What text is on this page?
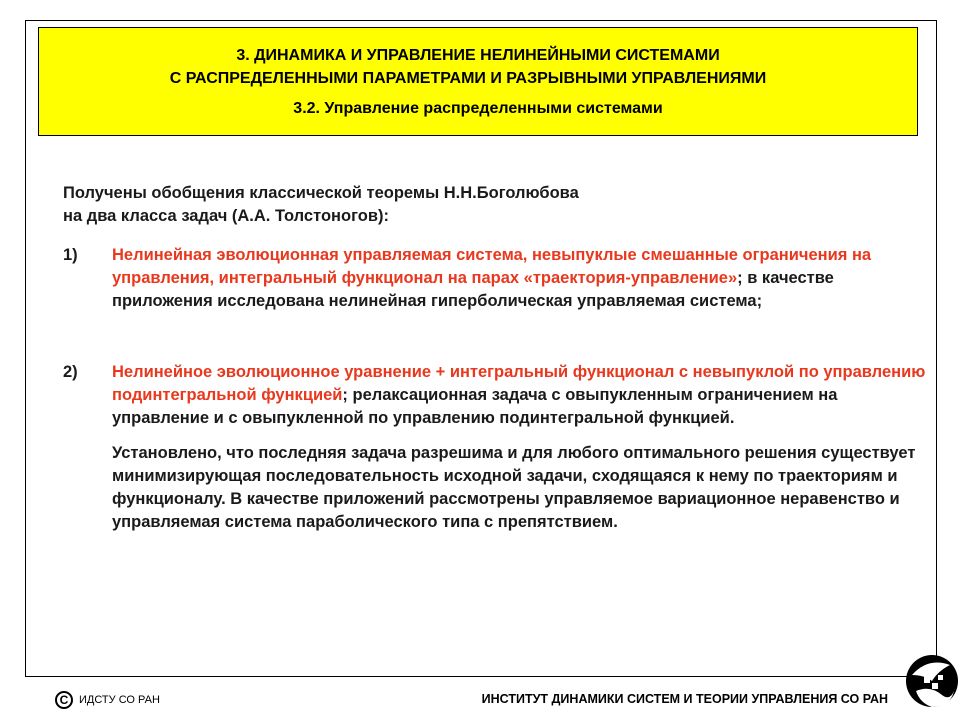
3. ДИНАМИКА И УПРАВЛЕНИЕ НЕЛИНЕЙНЫМИ СИСТЕМАМИ
С РАСПРЕДЕЛЕННЫМИ ПАРАМЕТРАМИ И РАЗРЫВНЫМИ УПРАВЛЕНИЯМИ
3.2. Управление распределенными системами

Получены обобщения классической теоремы Н.Н.Боголюбова

на два класса задач (А.А. Толстоногов):

1) Нелинейная эволюционная управляемая система, невыпуклые смешанные ограничения на управления, интегральный функционал на парах «траектория-управление»; в качестве приложения исследована нелинейная гиперболическая управляемая система;
2) Нелинейное эволюционное уравнение + интегральный функционал с невыпуклой по управлению подинтегральной функцией; релаксационная задача с овыпукленным ограничением на управление и с овыпукленной по управлению подинтегральной функцией.
Установлено, что последняя задача разрешима и для любого оптимального решения существует минимизирующая последовательность исходной задачи, сходящаяся к нему по траекториям и функционалу. В качестве приложений рассмотрены управляемое вариационное неравенство и управляемая система параболического типа с препятствием.
C ИДСТУ СО РАН	ИНСТИТУТ ДИНАМИКИ СИСТЕМ И ТЕОРИИ УПРАВЛЕНИЯ СО РАН
